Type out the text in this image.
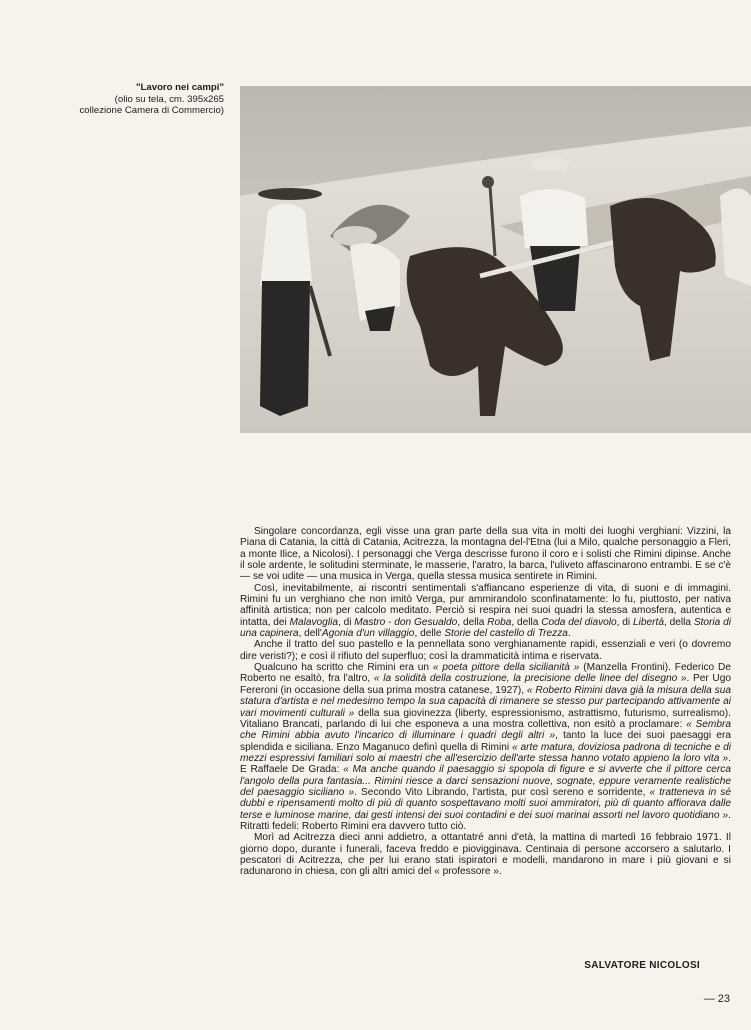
"Lavoro nei campi"
(olio su tela, cm. 395x265
collezione Camera di Commercio)

Singolare concordanza, egli visse una gran parte della sua vita in molti dei luoghi verghiani: Vizzini, la Piana di Catania, la città di Catania, Acitrezza, la montagna del-l'Etna (lui a Milo, qualche personaggio a Fleri, a monte Ilice, a Nicolosi). I personaggi che Verga descrisse furono il coro e i solisti che Rimini dipinse. Anche il sole ardente, le solitudini sterminate, le masserie, l'aratro, la barca, l'uliveto affascinarono entrambi. E se c'è — se voi udite — una musica in Verga, quella stessa musica sentirete in Rimini.

Così, inevitabilmente, ai riscontri sentimentali s'affiancano esperienze di vita, di suoni e di immagini. Rimini fu un verghiano che non imitò Verga, pur ammirandolo sconfinatamente: lo fu, piuttosto, per nativa affinità artistica; non per calcolo meditato. Perciò si respira nei suoi quadri la stessa amosfera, autentica e intatta, dei Malavoglia, di Mastro - don Gesualdo, della Roba, della Coda del diavolo, di Libertà, della Storia di una capinera, dell'Agonia d'un villaggio, delle Storie del castello di Trezza.

Anche il tratto del suo pastello e la pennellata sono verghianamente rapidi, essenziali e veri (o dovremo dire veristi?); e così il rifiuto del superfluo; così la drammaticità intima e riservata.

Qualcuno ha scritto che Rimini era un « poeta pittore della sicilianità » (Manzella Frontini). Federico De Roberto ne esaltò, fra l'altro, « la solidità della costruzione, la precisione delle linee del disegno ». Per Ugo Fereroni (in occasione della sua prima mostra catanese, 1927), « Roberto Rimini dava già la misura della sua statura d'artista e nel medesimo tempo la sua capacità di rimanere se stesso pur partecipando attivamente ai vari movimenti culturali » della sua giovinezza (liberty, espressionismo, astrattismo, futurismo, surrealismo). Vitaliano Brancati, parlando di lui che esponeva a una mostra collettiva, non esitò a proclamare: « Sembra che Rimini abbia avuto l'incarico di illuminare i quadri degli altri », tanto la luce dei suoi paesaggi era splendida e siciliana. Enzo Maganuco definì quella di Rimini « arte matura, doviziosa padrona di tecniche e di mezzi espressivi familiari solo ai maestri che all'esercizio dell'arte stessa hanno votato appieno la loro vita ». E Raffaele De Grada: « Ma anche quando il paesaggio si spopola di figure e si avverte che il pittore cerca l'angolo della pura fantasia... Rimini riesce a darci sensazioni nuove, sognate, eppure veramente realistiche del paesaggio siciliano ». Secondo Vito Librando, l'artista, pur così sereno e sorridente, « tratteneva in sé dubbi e ripensamenti molto di più di quanto sospettavano molti suoi ammiratori, più di quanto affiorava dalle terse e luminose marine, dai gesti intensi dei suoi contadini e dei suoi marinai assorti nel lavoro quotidiano ». Ritratti fedeli: Roberto Rimini era davvero tutto ciò.

Morì ad Acitrezza dieci anni addietro, a ottantatré anni d'età, la mattina di martedì 16 febbraio 1971. Il giorno dopo, durante i funerali, faceva freddo e piovigginava. Centinaia di persone accorsero a salutarlo. I pescatori di Acitrezza, che per lui erano stati ispiratori e modelli, mandarono in mare i più giovani e si radunarono in chiesa, con gli altri amici del « professore ».

SALVATORE NICOLOSI
— 23
